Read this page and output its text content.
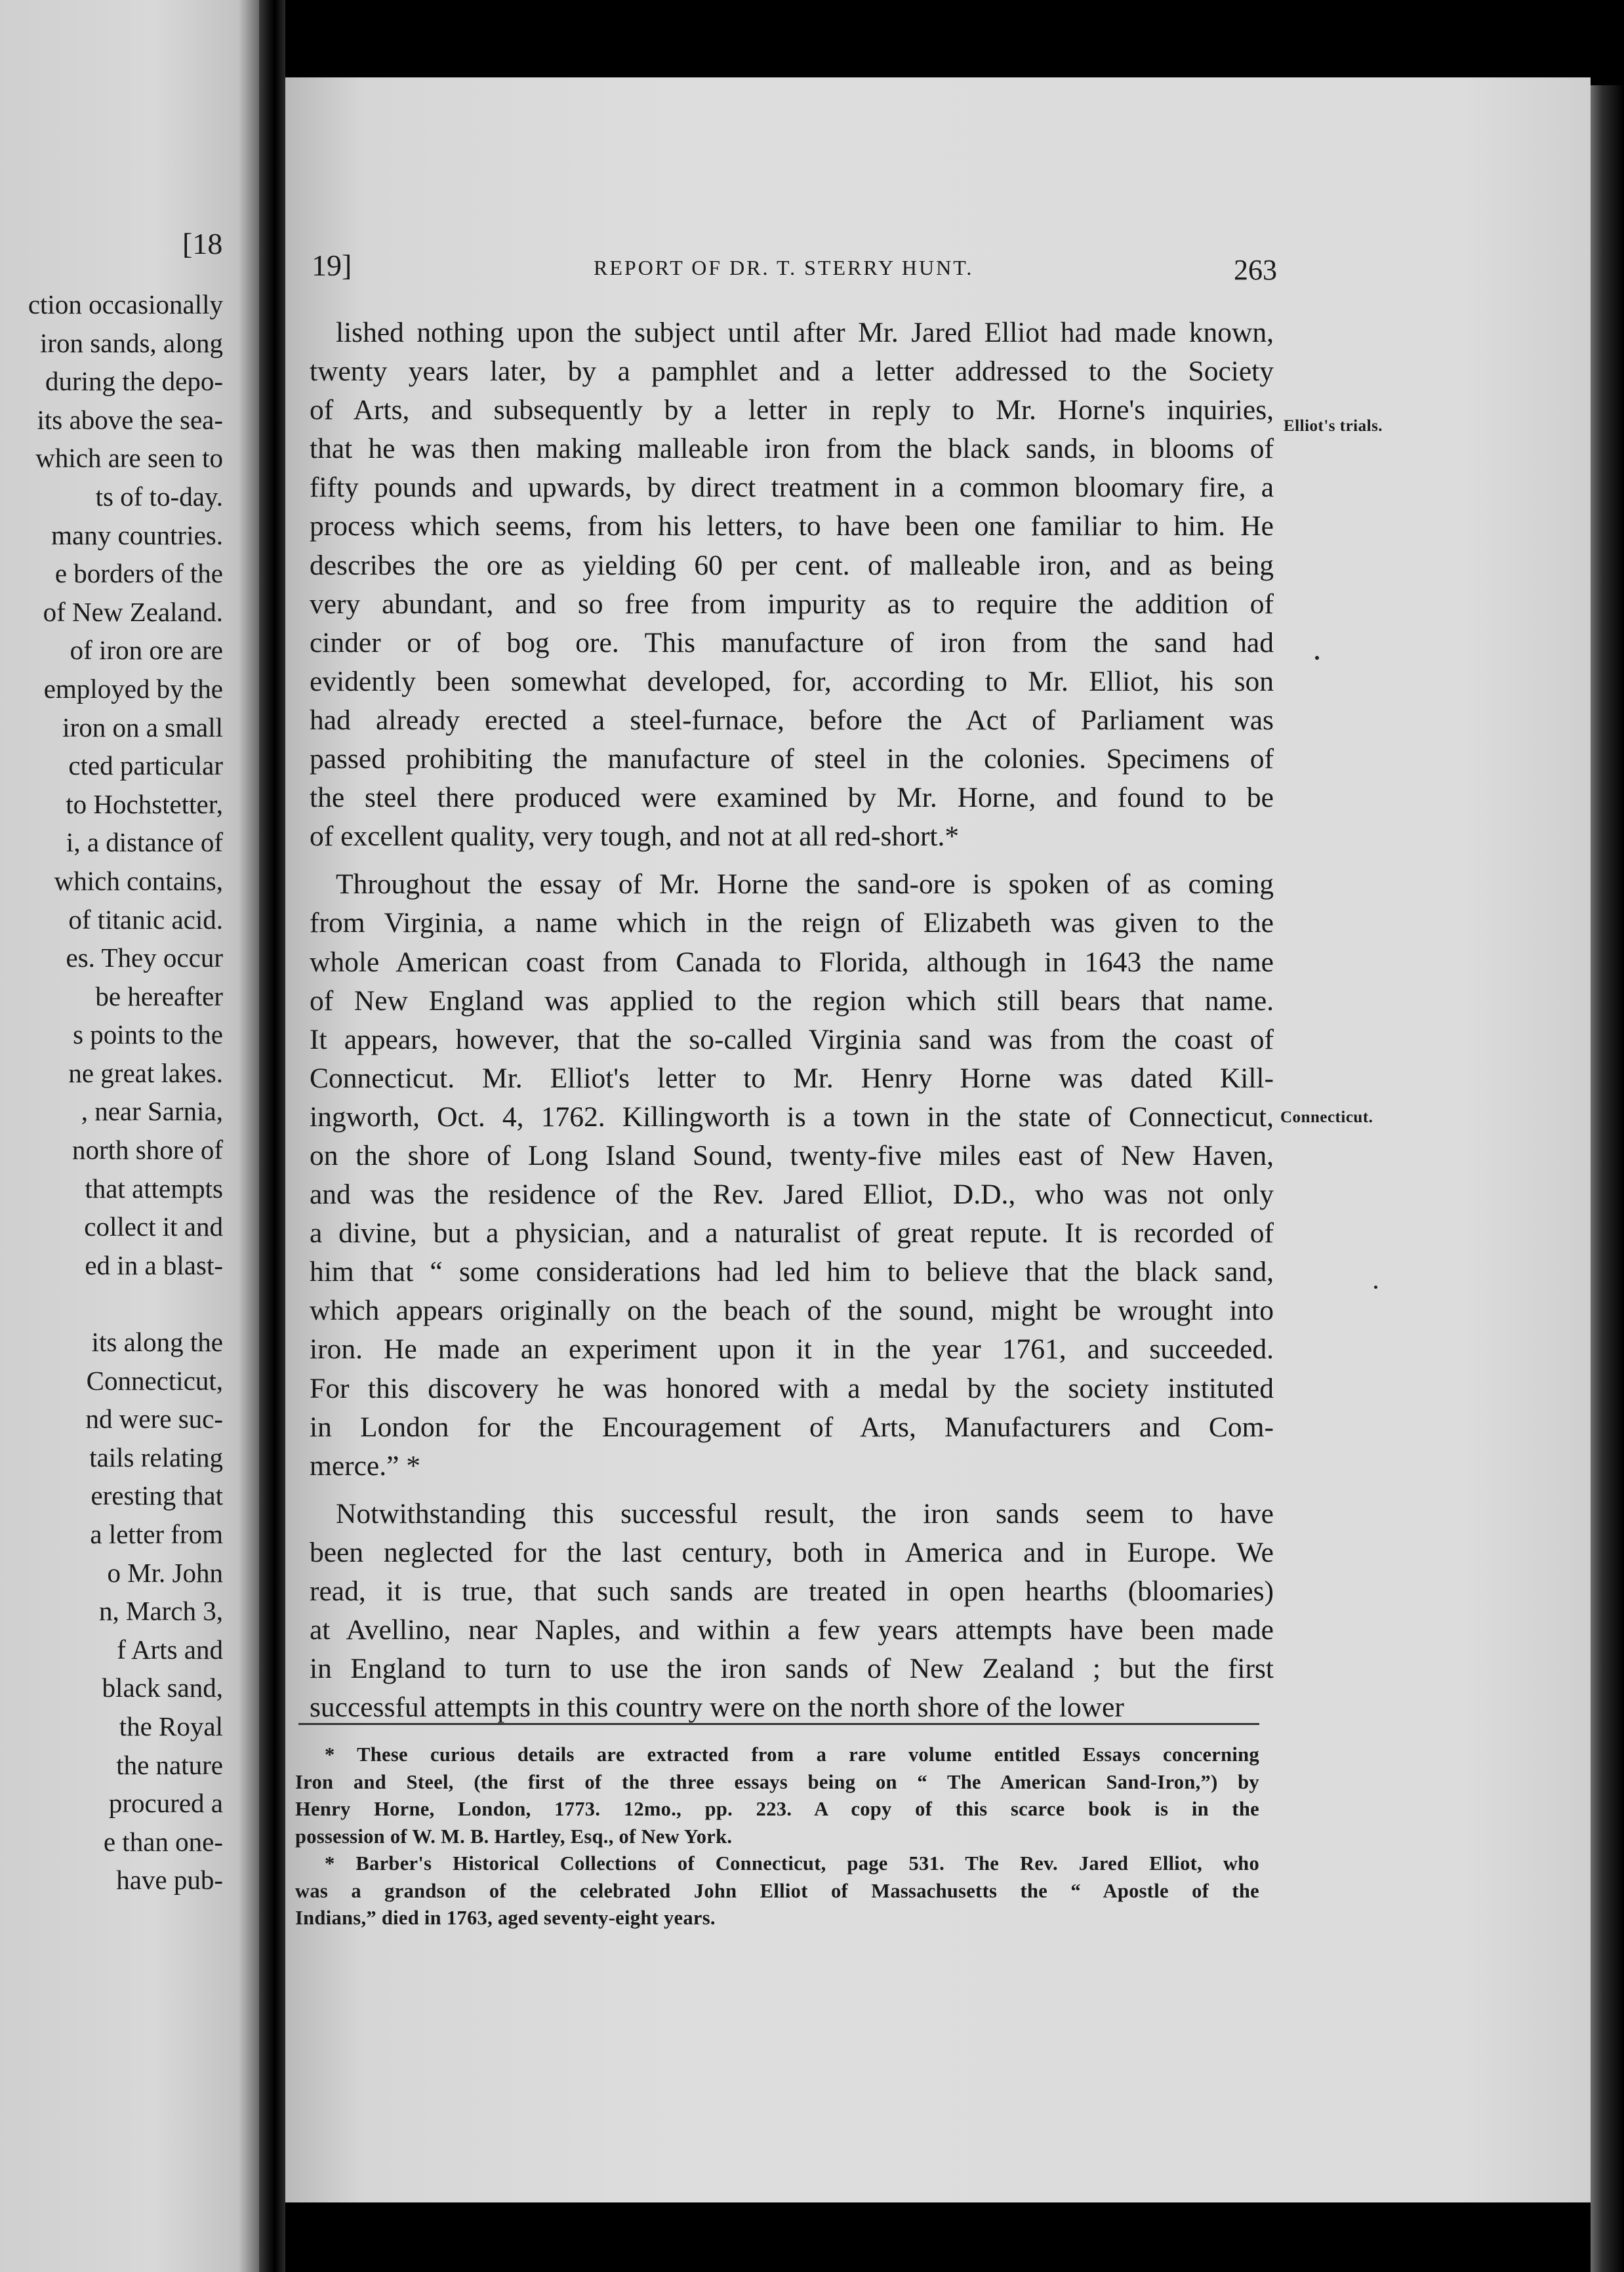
[18
ction occasionally
iron sands, along
during the depo-
its above the sea-
which are seen to
ts of to-day.
many countries.
e borders of the
of New Zealand.
of iron ore are
employed by the
iron on a small
cted particular
to Hochstetter,
i, a distance of
which contains,
of titanic acid.
es. They occur
be hereafter
s points to the
ne great lakes.
, near Sarnia,
north shore of
that attempts
collect it and
ed in a blast-
its along the
Connecticut,
nd were suc-
tails relating
eresting that
a letter from
o Mr. John
n, March 3,
f Arts and
black sand,
the Royal
the nature
procured a
e than one-
have pub-
19]	REPORT OF DR. T. STERRY HUNT.	263
lished nothing upon the subject until after Mr. Jared Elliot had made known,
twenty years later, by a pamphlet and a letter addressed to the Society
of Arts, and subsequently by a letter in reply to Mr. Horne's inquiries,
that he was then making malleable iron from the black sands, in blooms of
fifty pounds and upwards, by direct treatment in a common bloomary fire, a
process which seems, from his letters, to have been one familiar to him. He
describes the ore as yielding 60 per cent. of malleable iron, and as being
very abundant, and so free from impurity as to require the addition of
cinder or of bog ore. This manufacture of iron from the sand had
evidently been somewhat developed, for, according to Mr. Elliot, his son
had already erected a steel-furnace, before the Act of Parliament was
passed prohibiting the manufacture of steel in the colonies. Specimens of
the steel there produced were examined by Mr. Horne, and found to be
of excellent quality, very tough, and not at all red-short.*
Throughout the essay of Mr. Horne the sand-ore is spoken of as coming
from Virginia, a name which in the reign of Elizabeth was given to the
whole American coast from Canada to Florida, although in 1643 the name
of New England was applied to the region which still bears that name.
It appears, however, that the so-called Virginia sand was from the coast of
Connecticut. Mr. Elliot's letter to Mr. Henry Horne was dated Kill-
ingworth, Oct. 4, 1762. Killingworth is a town in the state of Connecticut,
on the shore of Long Island Sound, twenty-five miles east of New Haven,
and was the residence of the Rev. Jared Elliot, D.D., who was not only
a divine, but a physician, and a naturalist of great repute. It is recorded of
him that “ some considerations had led him to believe that the black sand,
which appears originally on the beach of the sound, might be wrought into
iron. He made an experiment upon it in the year 1761, and succeeded.
For this discovery he was honored with a medal by the society instituted
in London for the Encouragement of Arts, Manufacturers and Com-
merce.” *
Notwithstanding this successful result, the iron sands seem to have
been neglected for the last century, both in America and in Europe. We
read, it is true, that such sands are treated in open hearths (bloomaries)
at Avellino, near Naples, and within a few years attempts have been made
in England to turn to use the iron sands of New Zealand ; but the first
successful attempts in this country were on the north shore of the lower
Elliot's trials.
Connecticut.
* These curious details are extracted from a rare volume entitled Essays concerning
Iron and Steel, (the first of the three essays being on “ The American Sand-Iron,”) by
Henry Horne, London, 1773. 12mo., pp. 223. A copy of this scarce book is in the
possession of W. M. B. Hartley, Esq., of New York.
* Barber's Historical Collections of Connecticut, page 531. The Rev. Jared Elliot, who
was a grandson of the celebrated John Elliot of Massachusetts the “ Apostle of the
Indians,” died in 1763, aged seventy-eight years.
